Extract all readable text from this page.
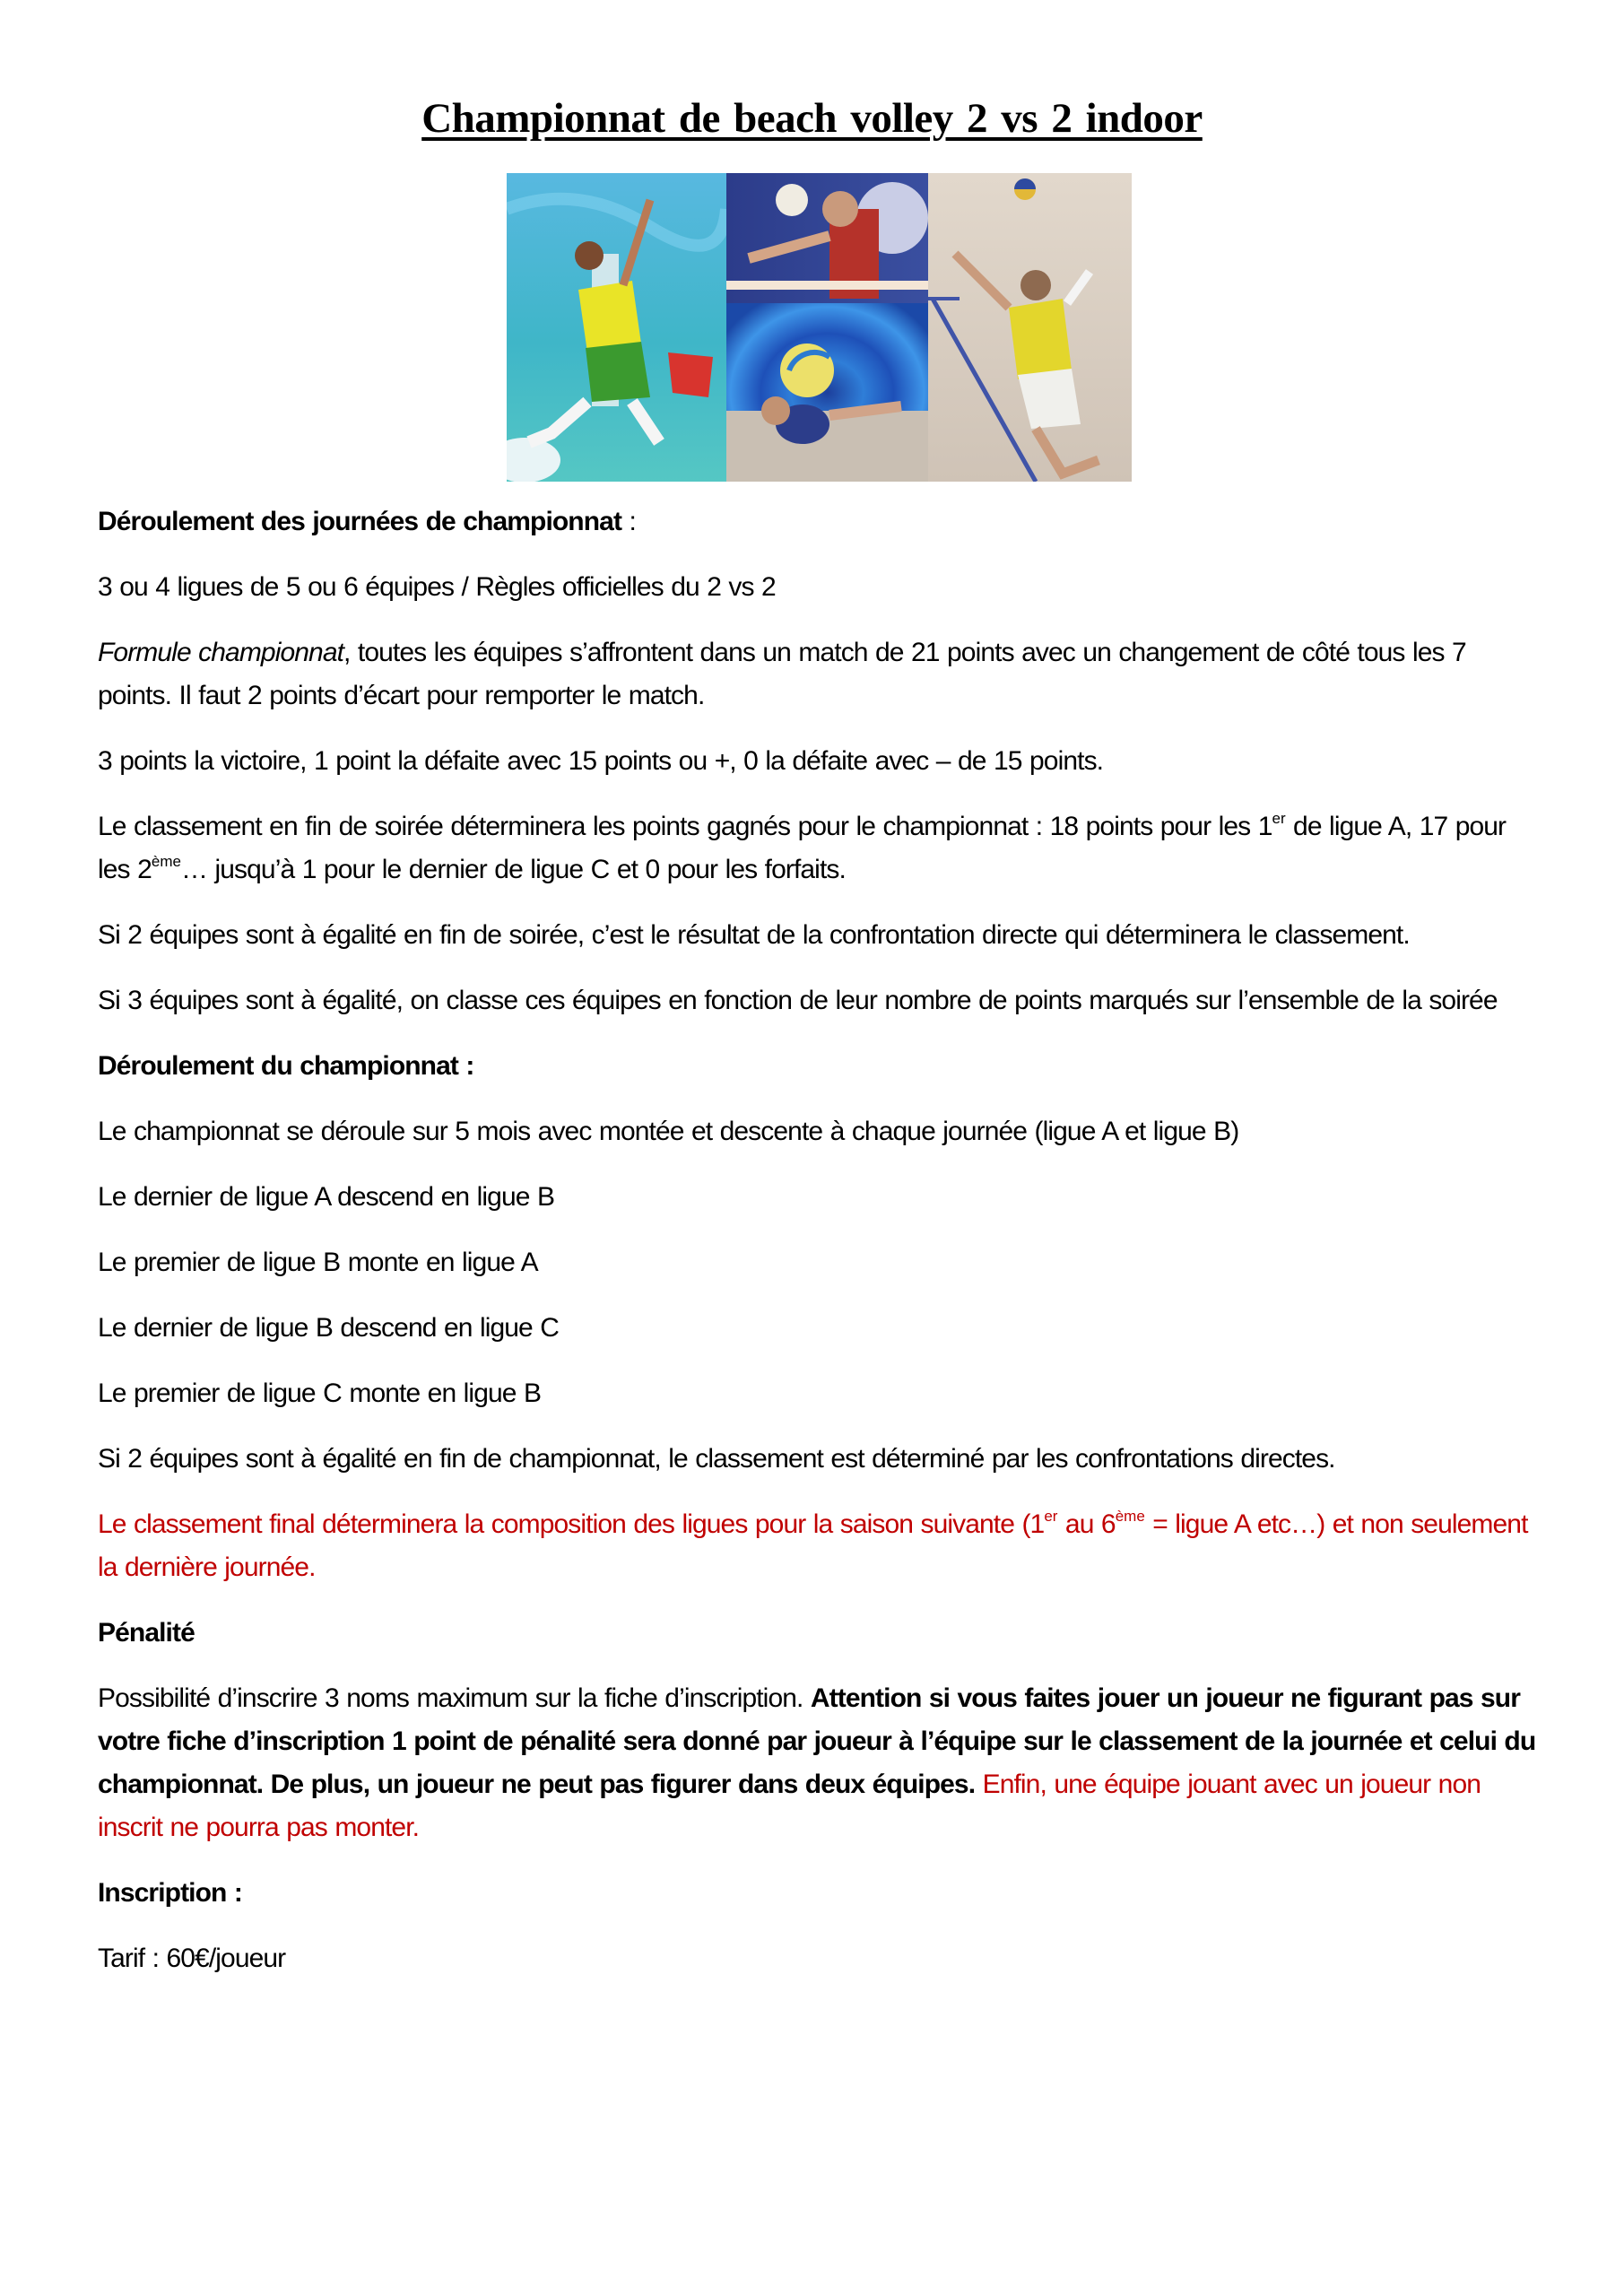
Championnat de beach volley 2 vs 2 indoor

Déroulement des journées de championnat :

3 ou 4 ligues de 5 ou 6 équipes / Règles officielles du 2 vs 2

Formule championnat, toutes les équipes s’affrontent dans un match de 21 points avec un changement de côté tous les 7 points. Il faut 2 points d’écart pour remporter le match.

3 points la victoire, 1 point la défaite avec 15 points ou +, 0 la défaite avec – de 15 points.

Le classement en fin de soirée déterminera les points gagnés pour le championnat : 18 points pour les 1er de ligue A, 17 pour les 2ème… jusqu’à 1 pour le dernier de ligue C et 0 pour les forfaits.

Si 2 équipes sont à égalité en fin de soirée, c’est le résultat de la confrontation directe qui déterminera le classement.

Si 3 équipes sont à égalité, on classe ces équipes en fonction de leur nombre de points marqués sur l’ensemble de la soirée

Déroulement du championnat :

Le championnat se déroule sur 5 mois avec montée et descente à chaque journée (ligue A et ligue B)

Le dernier de ligue A descend en ligue B

Le premier de ligue B monte en ligue A

Le dernier de ligue B descend en ligue C

Le premier de ligue C monte en ligue B

Si 2 équipes sont à égalité en fin de championnat, le classement est déterminé par les confrontations directes.

Le classement final déterminera la composition des ligues pour la saison suivante (1er au 6ème = ligue A etc…) et non seulement la dernière journée.

Pénalité

Possibilité d’inscrire 3 noms maximum sur la fiche d’inscription. Attention si vous faites jouer un joueur ne figurant pas sur votre fiche d’inscription 1 point de pénalité sera donné par joueur à l’équipe sur le classement de la journée et celui du championnat. De plus, un joueur ne peut pas figurer dans deux équipes. Enfin, une équipe jouant avec un joueur non inscrit ne pourra pas monter.

Inscription :

Tarif : 60€/joueur
